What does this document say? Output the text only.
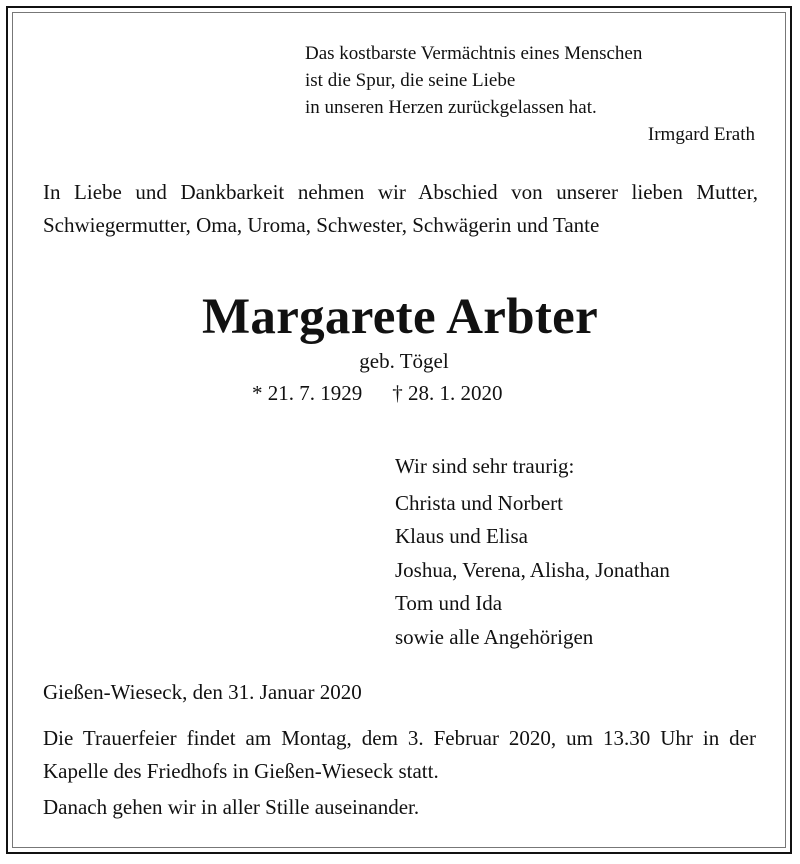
Das kostbarste Vermächtnis eines Menschen
ist die Spur, die seine Liebe
in unseren Herzen zurückgelassen hat.
Irmgard Erath
In Liebe und Dankbarkeit nehmen wir Abschied von unserer lieben Mutter, Schwiegermutter, Oma, Uroma, Schwester, Schwägerin und Tante
Margarete Arbter
geb. Tögel
* 21. 7. 1929 † 28. 1. 2020
Wir sind sehr traurig:
Christa und Norbert
Klaus und Elisa
Joshua, Verena, Alisha, Jonathan
Tom und Ida
sowie alle Angehörigen
Gießen-Wieseck, den 31. Januar 2020
Die Trauerfeier findet am Montag, dem 3. Februar 2020, um 13.30 Uhr in der Kapelle des Friedhofs in Gießen-Wieseck statt.
Danach gehen wir in aller Stille auseinander.
